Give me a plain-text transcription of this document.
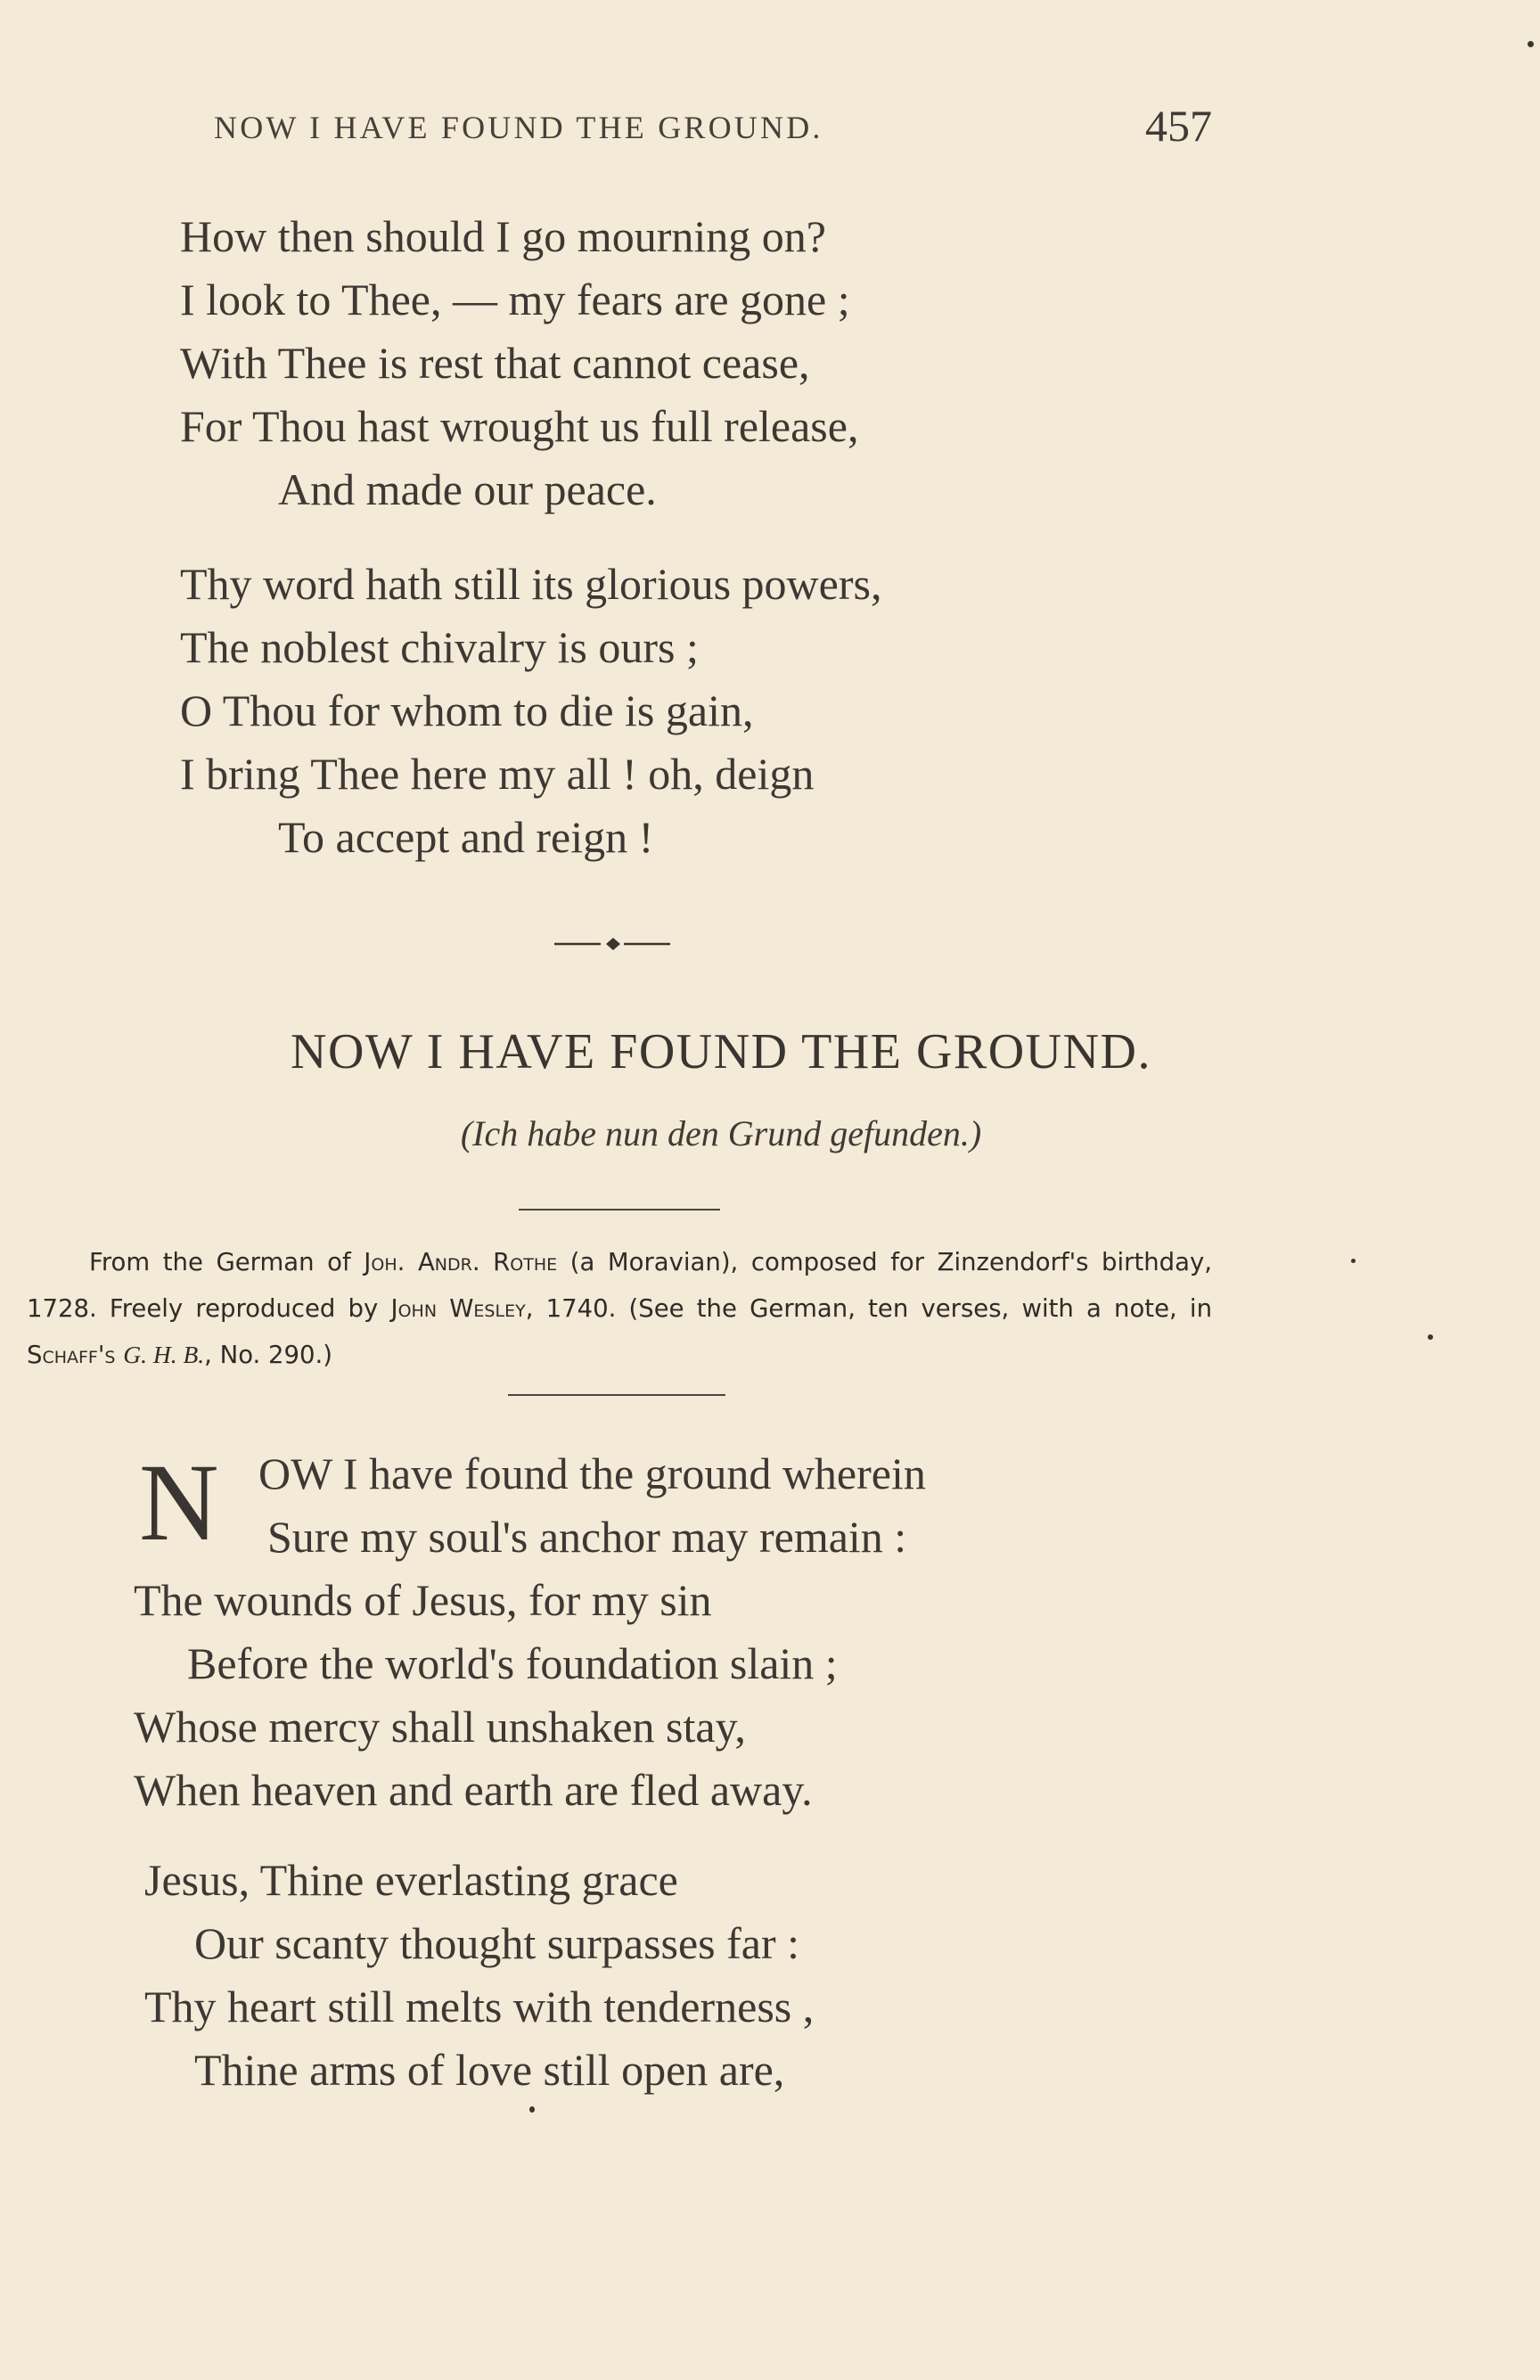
NOW I HAVE FOUND THE GROUND.	457
How then should I go mourning on?
I look to Thee, — my fears are gone ;
With Thee is rest that cannot cease,
For Thou hast wrought us full release,
And made our peace.
Thy word hath still its glorious powers,
The noblest chivalry is ours ;
O Thou for whom to die is gain,
I bring Thee here my all ! oh, deign
To accept and reign !
NOW I HAVE FOUND THE GROUND.
(Ich habe nun den Grund gefunden.)
From the German of Joh. Andr. Rothe (a Moravian), composed for Zinzendorf's birthday, 1728. Freely reproduced by John Wesley, 1740. (See the German, ten verses, with a note, in Schaff's G. H. B., No. 290.)
N OW I have found the ground wherein
Sure my soul's anchor may remain :
The wounds of Jesus, for my sin
Before the world's foundation slain ;
Whose mercy shall unshaken stay,
When heaven and earth are fled away.
Jesus, Thine everlasting grace
Our scanty thought surpasses far :
Thy heart still melts with tenderness ,
Thine arms of love still open are,
